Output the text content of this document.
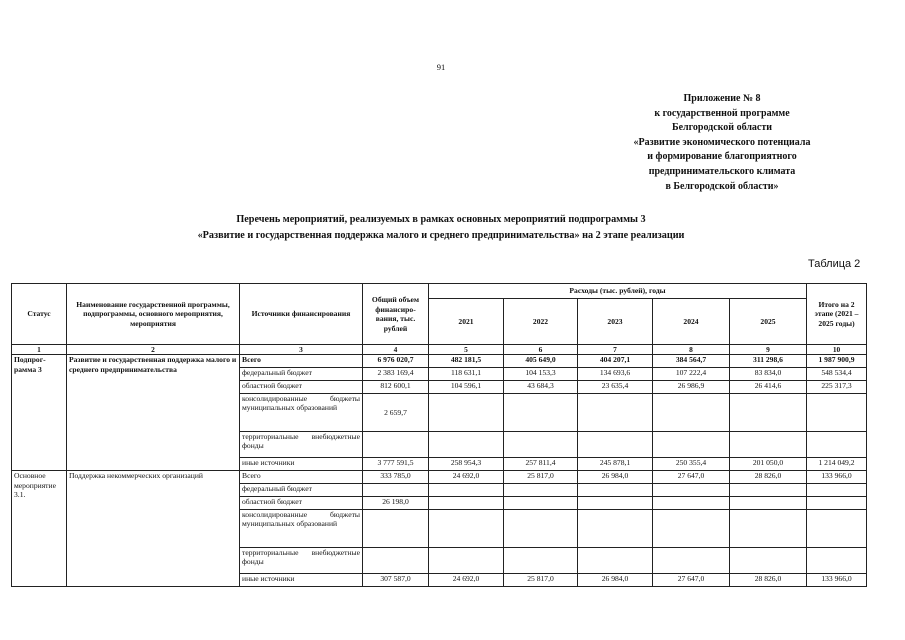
91
Приложение № 8
к государственной программе
Белгородской области
«Развитие экономического потенциала
и формирование благоприятного
предпринимательского климата
в Белгородской области»
Перечень мероприятий, реализуемых в рамках основных мероприятий подпрограммы 3
«Развитие и государственная поддержка малого и среднего предпринимательства» на 2 этапе реализации
Таблица 2
Статус	Наименование государственной программы, подпрограммы, основного мероприятия, мероприятия	Источники финансирования	Общий объем финансиро- вания, тыс. рублей	Расходы (тыс. рублей), годы					Итого на 2 этапе (2021 – 2025 годы)
				2021	2022	2023	2024	2025	
1	2	3	4	5	6	7	8	9	10
Подпрог- рамма 3	Развитие и государственная поддержка малого и среднего предпринимательства	Всего	6 976 020,7	482 181,5	405 649,0	404 207,1	384 564,7	311 298,6	1 987 900,9
		федеральный бюджет	2 383 169,4	118 631,1	104 153,3	134 693,6	107 222,4	83 834,0	548 534,4
		областной бюджет	812 600,1	104 596,1	43 684,3	23 635,4	26 986,9	26 414,6	225 317,3
		консолидированные бюджеты муниципальных образований	2 659,7						
		территориальные внебюджетные фонды							
		иные источники	3 777 591,5	258 954,3	257 811,4	245 878,1	250 355,4	201 050,0	1 214 049,2
Основное мероприятие 3.1.	Поддержка некоммерческих организаций	Всего	333 785,0	24 692,0	25 817,0	26 984,0	27 647,0	28 826,0	133 966,0
		федеральный бюджет							
		областной бюджет	26 198,0						
		консолидированные бюджеты муниципальных образований							
		территориальные внебюджетные фонды							
		иные источники	307 587,0	24 692,0	25 817,0	26 984,0	27 647,0	28 826,0	133 966,0
